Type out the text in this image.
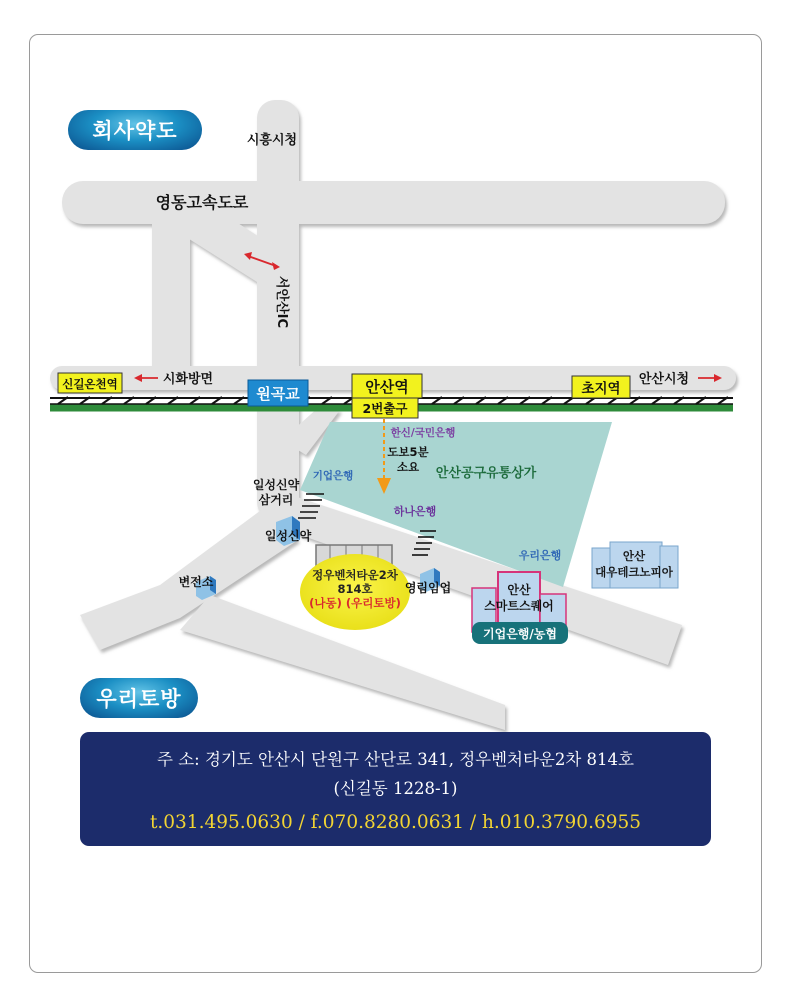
시흥시청
영동고속도로
서안산IC
시화방면	안산시청
신길온천역
원곡교	안산역
2번출구
초지역
한신/국민은행
도보5분
소요 안산공구유통상가
기업은행
하나은행
우리은행
일성신약
삼거리
일성신약
변전소	영림임업
안산
대우테크노피아
정우벤처타운2차
814호
(나동) (우리토방)
안산
스마트스퀘어
기업은행/농협
회사약도
우리토방
주 소: 경기도 안산시 단원구 산단로 341, 정우벤처타운2차 814호
(신길동 1228-1)
t.031.495.0630 / f.070.8280.0631 / h.010.3790.6955
